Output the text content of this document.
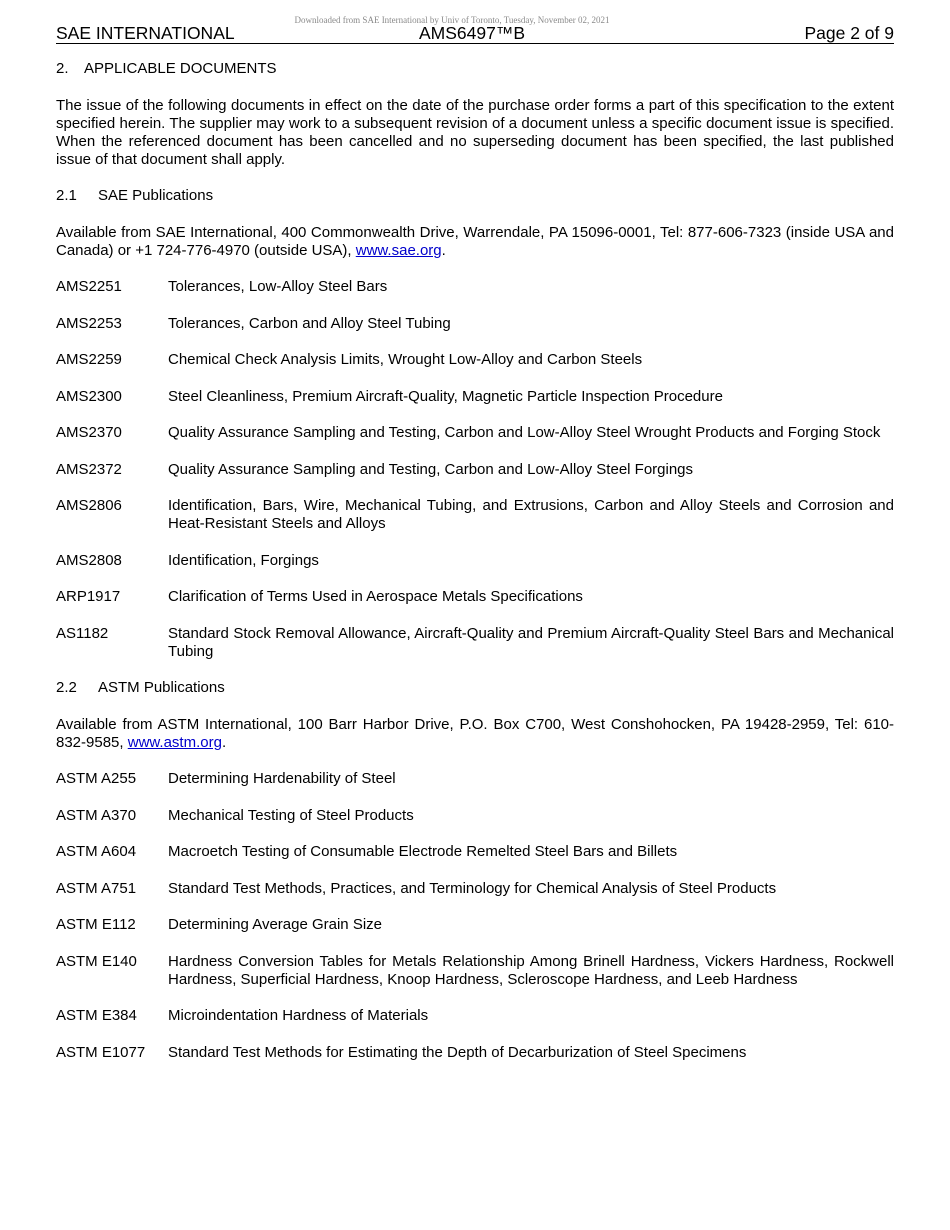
Downloaded from SAE International by Univ of Toronto, Tuesday, November 02, 2021
SAE INTERNATIONAL	AMS6497™B	Page 2 of 9
2.	APPLICABLE DOCUMENTS

The issue of the following documents in effect on the date of the purchase order forms a part of this specification to the extent specified herein. The supplier may work to a subsequent revision of a document unless a specific document issue is specified. When the referenced document has been cancelled and no superseding document has been specified, the last published issue of that document shall apply.

2.1	SAE Publications

Available from SAE International, 400 Commonwealth Drive, Warrendale, PA 15096-0001, Tel: 877-606-7323 (inside USA and Canada) or +1 724-776-4970 (outside USA), www.sae.org.

AMS2251	Tolerances, Low-Alloy Steel Bars
AMS2253	Tolerances, Carbon and Alloy Steel Tubing
AMS2259	Chemical Check Analysis Limits, Wrought Low-Alloy and Carbon Steels
AMS2300	Steel Cleanliness, Premium Aircraft-Quality, Magnetic Particle Inspection Procedure
AMS2370	Quality Assurance Sampling and Testing, Carbon and Low-Alloy Steel Wrought Products and Forging Stock
AMS2372	Quality Assurance Sampling and Testing, Carbon and Low-Alloy Steel Forgings
AMS2806	Identification, Bars, Wire, Mechanical Tubing, and Extrusions, Carbon and Alloy Steels and Corrosion and Heat-Resistant Steels and Alloys
AMS2808	Identification, Forgings
ARP1917	Clarification of Terms Used in Aerospace Metals Specifications
AS1182	Standard Stock Removal Allowance, Aircraft-Quality and Premium Aircraft-Quality Steel Bars and Mechanical Tubing
2.2	ASTM Publications

Available from ASTM International, 100 Barr Harbor Drive, P.O. Box C700, West Conshohocken, PA 19428-2959, Tel: 610-832-9585, www.astm.org.

ASTM A255	Determining Hardenability of Steel
ASTM A370	Mechanical Testing of Steel Products
ASTM A604	Macroetch Testing of Consumable Electrode Remelted Steel Bars and Billets
ASTM A751	Standard Test Methods, Practices, and Terminology for Chemical Analysis of Steel Products
ASTM E112	Determining Average Grain Size
ASTM E140	Hardness Conversion Tables for Metals Relationship Among Brinell Hardness, Vickers Hardness, Rockwell Hardness, Superficial Hardness, Knoop Hardness, Scleroscope Hardness, and Leeb Hardness
ASTM E384	Microindentation Hardness of Materials
ASTM E1077	Standard Test Methods for Estimating the Depth of Decarburization of Steel Specimens
